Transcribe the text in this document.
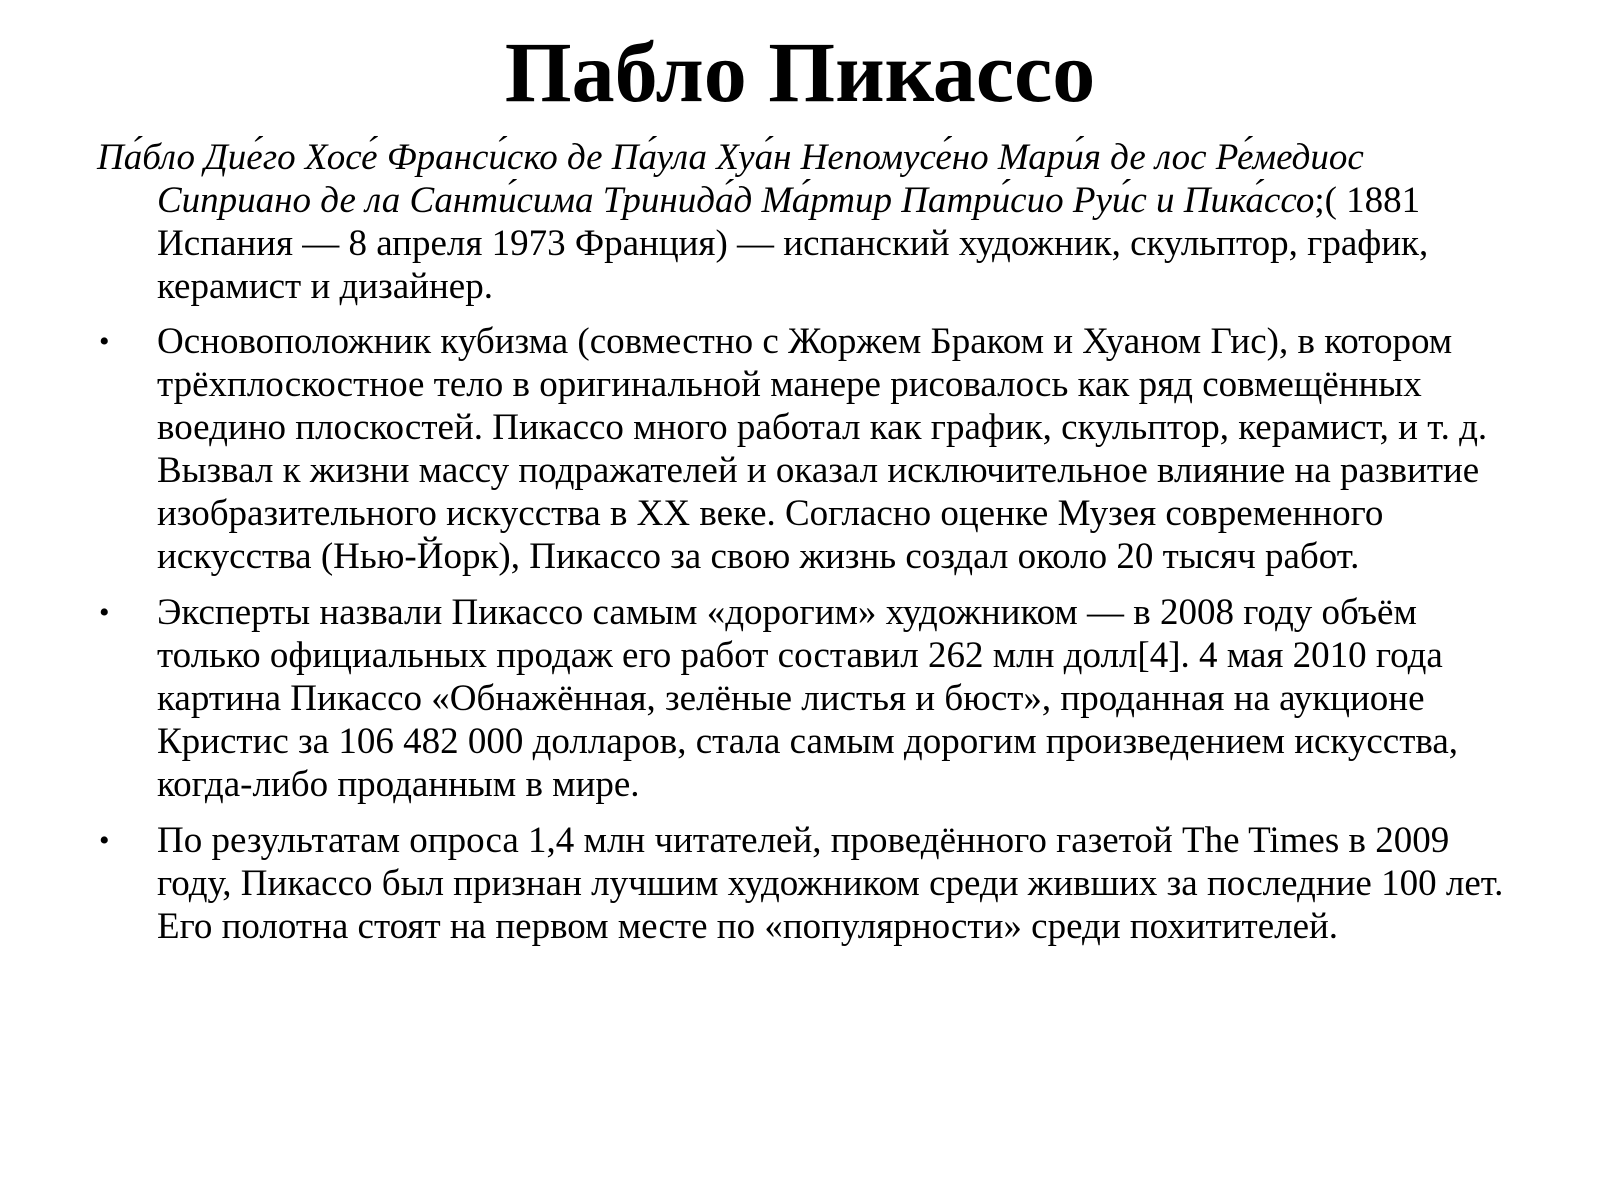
Пабло Пикассо

Па́бло Дие́го Хосе́ Франси́ско де Па́ула Хуа́н Непомусе́но Мари́я де лос Ре́медиос Сиприано де ла Санти́сима Тринида́д Ма́ртир Патри́сио Руи́с и Пика́ссо;( 1881 Испания — 8 апреля 1973 Франция) — испанский художник, скульптор, график, керамист и дизайнер.

• Основоположник кубизма (совместно с Жоржем Браком и Хуаном Гис), в котором трёхплоскостное тело в оригинальной манере рисовалось как ряд совмещённых воедино плоскостей. Пикассо много работал как график, скульптор, керамист, и т. д. Вызвал к жизни массу подражателей и оказал исключительное влияние на развитие изобразительного искусства в XX веке. Согласно оценке Музея современного искусства (Нью-Йорк), Пикассо за свою жизнь создал около 20 тысяч работ.
• Эксперты назвали Пикассо самым «дорогим» художником — в 2008 году объём только официальных продаж его работ составил 262 млн долл[4]. 4 мая 2010 года картина Пикассо «Обнажённая, зелёные листья и бюст», проданная на аукционе Кристис за 106 482 000 долларов, стала самым дорогим произведением искусства, когда-либо проданным в мире.
• По результатам опроса 1,4 млн читателей, проведённого газетой The Times в 2009 году, Пикассо был признан лучшим художником среди живших за последние 100 лет. Его полотна стоят на первом месте по «популярности» среди похитителей.
